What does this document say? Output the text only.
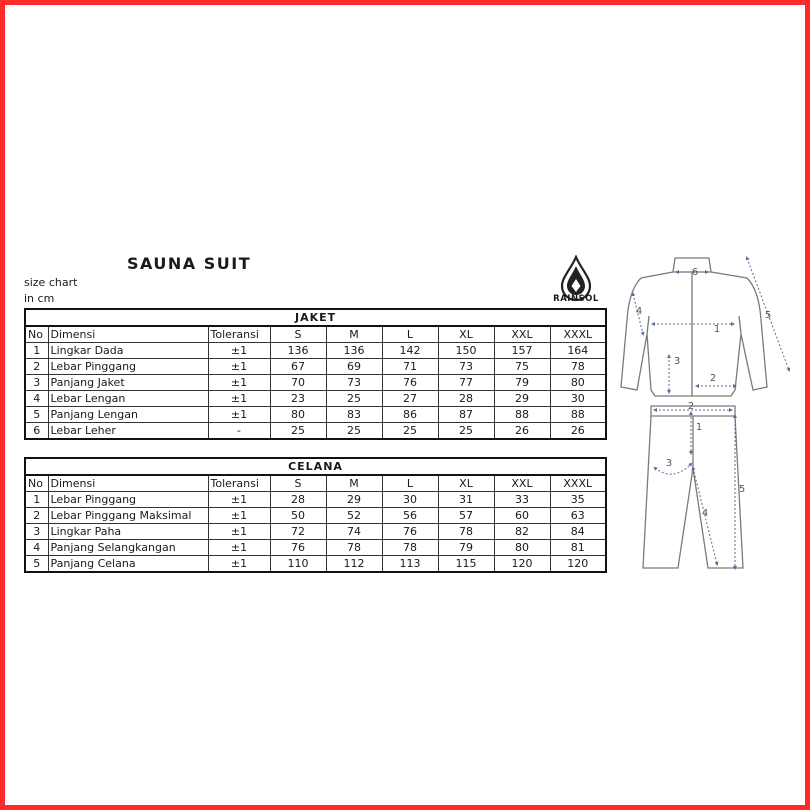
SAUNA SUIT
size chart
in cm	RAINSOL
JAKET								
No	Dimensi	Toleransi	S	M	L	XL	XXL	XXXL
1	Lingkar Dada	±1	136	136	142	150	157	164
2	Lebar Pinggang	±1	67	69	71	73	75	78
3	Panjang Jaket	±1	70	73	76	77	79	80
4	Lebar Lengan	±1	23	25	27	28	29	30
5	Panjang Lengan	±1	80	83	86	87	88	88
6	Lebar Leher	-	25	25	25	25	26	26
CELANA								
No	Dimensi	Toleransi	S	M	L	XL	XXL	XXXL
1	Lebar Pinggang	±1	28	29	30	31	33	35
2	Lebar Pinggang Maksimal	±1	50	52	56	57	60	63
3	Lingkar Paha	±1	72	74	76	78	82	84
4	Panjang Selangkangan	±1	76	78	78	79	80	81
5	Panjang Celana	±1	110	112	113	115	120	120
6
4	5
1
3
2
2
1
3
5
4
